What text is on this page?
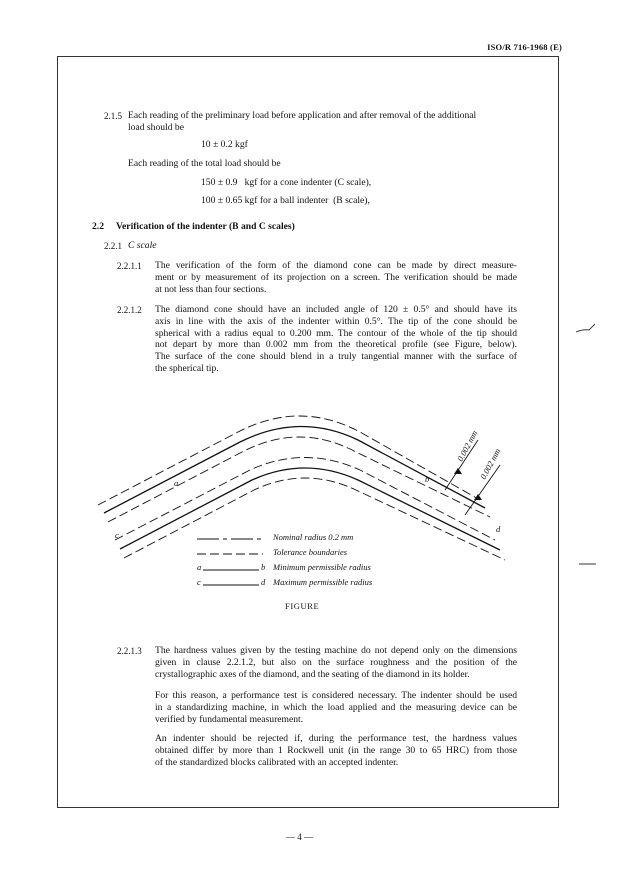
ISO/R 716-1968 (E)
2.1.5 Each reading of the preliminary load before application and after removal of the additional
load should be
10 ± 0.2 kgf
Each reading of the total load should be
150 ± 0.9   kgf for a cone indenter (C scale),
100 ± 0.65 kgf for a ball indenter  (B scale),
2.2 Verification of the indenter (B and C scales)
2.2.1 C scale
2.2.1.1 The verification of the form of the diamond cone can be made by direct measure-
ment or by measurement of its projection on a screen. The verification should be made
at not less than four sections.
2.2.1.2 The diamond cone should have an included angle of 120 ± 0.5° and should have its
axis in line with the axis of the indenter within 0.5°. The tip of the cone should be
spherical with a radius equal to 0.200 mm. The contour of the whole of the tip should
not depart by more than 0.002 mm from the theoretical profile (see Figure, below).
The surface of the cone should blend in a truly tangential manner with the surface of
the spherical tip.
0.002 mm
0.002 mm
a	b
c
d
Nominal radius 0.2 mm
Tolerance boundaries
a	b Minimum permissible radius
c	d Maximum permissible radius
FIGURE
2.2.1.3 The hardness values given by the testing machine do not depend only on the dimensions
given in clause 2.2.1.2, but also on the surface roughness and the position of the
crystallographic axes of the diamond, and the seating of the diamond in its holder.
For this reason, a performance test is considered necessary. The indenter should be used
in a standardizing machine, in which the load applied and the measuring device can be
verified by fundamental measurement.
An indenter should be rejected if, during the performance test, the hardness values
obtained differ by more than 1 Rockwell unit (in the range 30 to 65 HRC) from those
of the standardized blocks calibrated with an accepted indenter.
— 4 —
